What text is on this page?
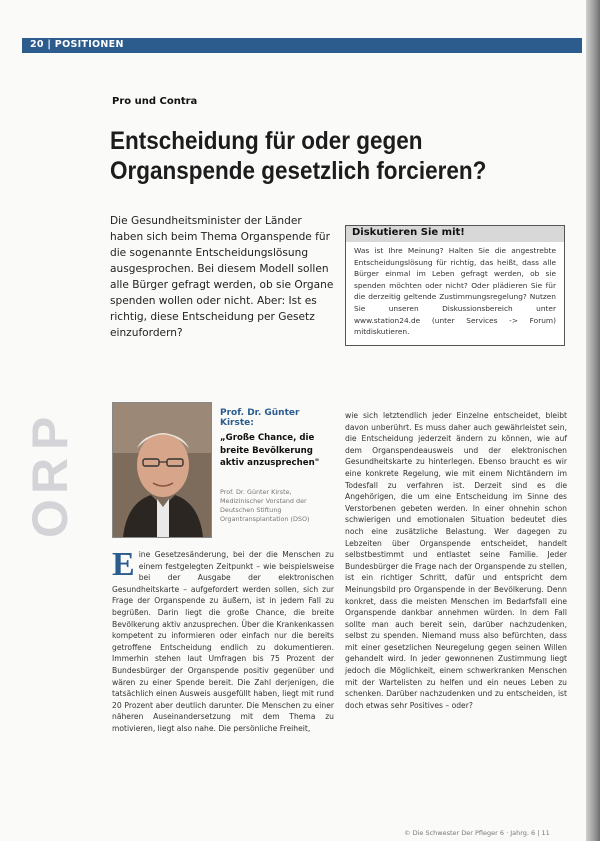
20 | POSITIONEN
Pro und Contra
Entscheidung für oder gegen Organspende gesetzlich forcieren?
Die Gesundheitsminister der Länder haben sich beim Thema Organspende für die sogenannte Entscheidungslösung ausgesprochen. Bei diesem Modell sollen alle Bürger gefragt werden, ob sie Organe spenden wollen oder nicht. Aber: Ist es richtig, diese Entscheidung per Gesetz einzufordern?
Diskutieren Sie mit!
Was ist Ihre Meinung? Halten Sie die angestrebte Entscheidungslösung für richtig, das heißt, dass alle Bürger einmal im Leben gefragt werden, ob sie spenden möchten oder nicht? Oder plädieren Sie für die derzeitig geltende Zustimmungsregelung? Nutzen Sie unseren Diskussionsbereich unter www.station24.de (unter Services -> Forum) mitdiskutieren.
P
R
O
Prof. Dr. Günter Kirste:
„Große Chance, die breite Bevölkerung aktiv anzusprechen"
Prof. Dr. Günter Kirste, Medizinischer Vorstand der Deutschen Stiftung Organtransplantation (DSO)
E ine Gesetzesänderung, bei der die Menschen zu einem festgelegten Zeitpunkt – wie beispielsweise bei der Ausgabe der elektronischen Gesundheitskarte – aufgefordert werden sollen, sich zur Frage der Organspende zu äußern, ist in jedem Fall zu begrüßen. Darin liegt die große Chance, die breite Bevölkerung aktiv anzusprechen. Über die Krankenkassen kompetent zu informieren oder einfach nur die bereits getroffene Entscheidung endlich zu dokumentieren. Immerhin stehen laut Umfragen bis 75 Prozent der Bundesbürger der Organspende positiv gegenüber und wären zu einer Spende bereit. Die Zahl derjenigen, die tatsächlich einen Ausweis ausgefüllt haben, liegt mit rund 20 Prozent aber deutlich darunter. Die Menschen zu einer näheren Auseinandersetzung mit dem Thema zu motivieren, liegt also nahe. Die persönliche Freiheit,
wie sich letztendlich jeder Einzelne entscheidet, bleibt davon unberührt. Es muss daher auch gewährleistet sein, die Entscheidung jederzeit ändern zu können, wie auf dem Organspendeausweis und der elektronischen Gesundheitskarte zu hinterlegen. Ebenso braucht es wir eine konkrete Regelung, wie mit einem Nichtändern im Todesfall zu verfahren ist. Derzeit sind es die Angehörigen, die um eine Entscheidung im Sinne des Verstorbenen gebeten werden. In einer ohnehin schon schwierigen und emotionalen Situation bedeutet dies noch eine zusätzliche Belastung. Wer dagegen zu Lebzeiten über Organspende entscheidet, handelt selbstbestimmt und entlastet seine Familie. Jeder Bundesbürger die Frage nach der Organspende zu stellen, ist ein richtiger Schritt, dafür und entspricht dem Meinungsbild pro Organspende in der Bevölkerung. Denn konkret, dass die meisten Menschen im Bedarfsfall eine Organspende dankbar annehmen würden. In dem Fall sollte man auch bereit sein, darüber nachzudenken, selbst zu spenden. Niemand muss also befürchten, dass mit einer gesetzlichen Neuregelung gegen seinen Willen gehandelt wird. In jeder gewonnenen Zustimmung liegt jedoch die Möglichkeit, einem schwerkranken Menschen mit der Wartelisten zu helfen und ein neues Leben zu schenken. Darüber nachzudenken und zu entscheiden, ist doch etwas sehr Positives – oder?
© Die Schwester Der Pfleger 6 · Jahrg. 6 | 11
